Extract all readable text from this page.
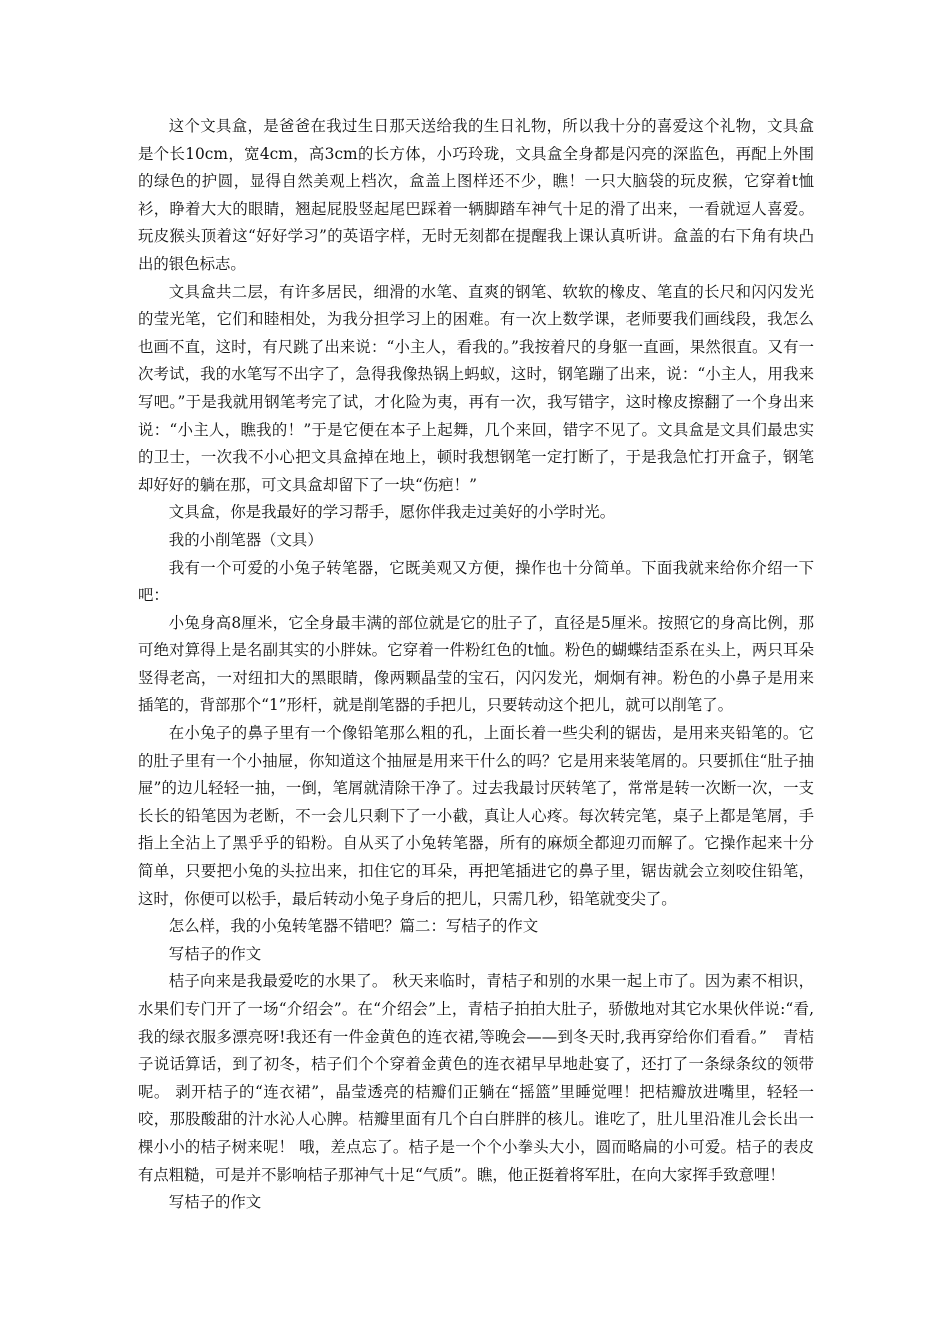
这个文具盒，是爸爸在我过生日那天送给我的生日礼物，所以我十分的喜爱这个礼物，文具盒是个长10cm，宽4cm，高3cm的长方体，小巧玲珑，文具盒全身都是闪亮的深监色，再配上外围的绿色的护圆，显得自然美观上档次，盒盖上图样还不少，瞧！一只大脑袋的玩皮猴，它穿着t恤衫，睁着大大的眼睛，翘起屁股竖起尾巴踩着一辆脚踏车神气十足的滑了出来，一看就逗人喜爱。玩皮猴头顶着这“好好学习”的英语字样，无时无刻都在提醒我上课认真听讲。盒盖的右下角有块凸出的银色标志。

文具盒共二层，有许多居民，细滑的水笔、直爽的钢笔、软软的橡皮、笔直的长尺和闪闪发光的莹光笔，它们和睦相处，为我分担学习上的困难。有一次上数学课，老师要我们画线段，我怎么也画不直，这时，有尺跳了出来说：“小主人，看我的。”我按着尺的身躯一直画，果然很直。又有一次考试，我的水笔写不出字了，急得我像热锅上蚂蚁，这时，钢笔蹦了出来，说：“小主人，用我来写吧。”于是我就用钢笔考完了试，才化险为夷，再有一次，我写错字，这时橡皮擦翻了一个身出来说：“小主人，瞧我的！”于是它便在本子上起舞，几个来回，错字不见了。文具盒是文具们最忠实的卫士，一次我不小心把文具盒掉在地上，顿时我想钢笔一定打断了，于是我急忙打开盒子，钢笔却好好的躺在那，可文具盒却留下了一块“伤疤！”

文具盒，你是我最好的学习帮手，愿你伴我走过美好的小学时光。

我的小削笔器（文具）

我有一个可爱的小兔子转笔器，它既美观又方便，操作也十分简单。下面我就来给你介绍一下吧：

小兔身高8厘米，它全身最丰满的部位就是它的肚子了，直径是5厘米。按照它的身高比例，那可绝对算得上是名副其实的小胖妹。它穿着一件粉红色的t恤。粉色的蝴蝶结歪系在头上，两只耳朵竖得老高，一对纽扣大的黑眼睛，像两颗晶莹的宝石，闪闪发光，炯炯有神。粉色的小鼻子是用来插笔的，背部那个“1”形杆，就是削笔器的手把儿，只要转动这个把儿，就可以削笔了。

在小兔子的鼻子里有一个像铅笔那么粗的孔，上面长着一些尖利的锯齿，是用来夹铅笔的。它的肚子里有一个小抽屉，你知道这个抽屉是用来干什么的吗？它是用来装笔屑的。只要抓住“肚子抽屉”的边儿轻轻一抽，一倒，笔屑就清除干净了。过去我最讨厌转笔了，常常是转一次断一次，一支长长的铅笔因为老断，不一会儿只剩下了一小截，真让人心疼。每次转完笔，桌子上都是笔屑，手指上全沾上了黑乎乎的铅粉。自从买了小兔转笔器，所有的麻烦全都迎刃而解了。它操作起来十分简单，只要把小兔的头拉出来，扣住它的耳朵，再把笔插进它的鼻子里，锯齿就会立刻咬住铅笔，这时，你便可以松手，最后转动小兔子身后的把儿，只需几秒，铅笔就变尖了。

怎么样，我的小兔转笔器不错吧？篇二：写桔子的作文

写桔子的作文

桔子向来是我最爱吃的水果了。 秋天来临时，青桔子和别的水果一起上市了。因为素不相识，水果们专门开了一场“介绍会”。在“介绍会”上，青桔子拍拍大肚子，骄傲地对其它水果伙伴说:“看,我的绿衣服多漂亮呀!我还有一件金黄色的连衣裙,等晚会——到冬天时,我再穿给你们看看。”　青桔子说话算话，到了初冬，桔子们个个穿着金黄色的连衣裙早早地赴宴了，还打了一条绿条纹的领带呢。 剥开桔子的“连衣裙”，晶莹透亮的桔瓣们正躺在“摇篮”里睡觉哩！把桔瓣放进嘴里，轻轻一咬，那股酸甜的汁水沁人心脾。桔瓣里面有几个白白胖胖的核儿。谁吃了，肚儿里沿准儿会长出一棵小小的桔子树来呢！ 哦，差点忘了。桔子是一个个小拳头大小，圆而略扁的小可爱。桔子的表皮有点粗糙，可是并不影响桔子那神气十足“气质”。瞧，他正挺着将军肚，在向大家挥手致意哩！

写桔子的作文
